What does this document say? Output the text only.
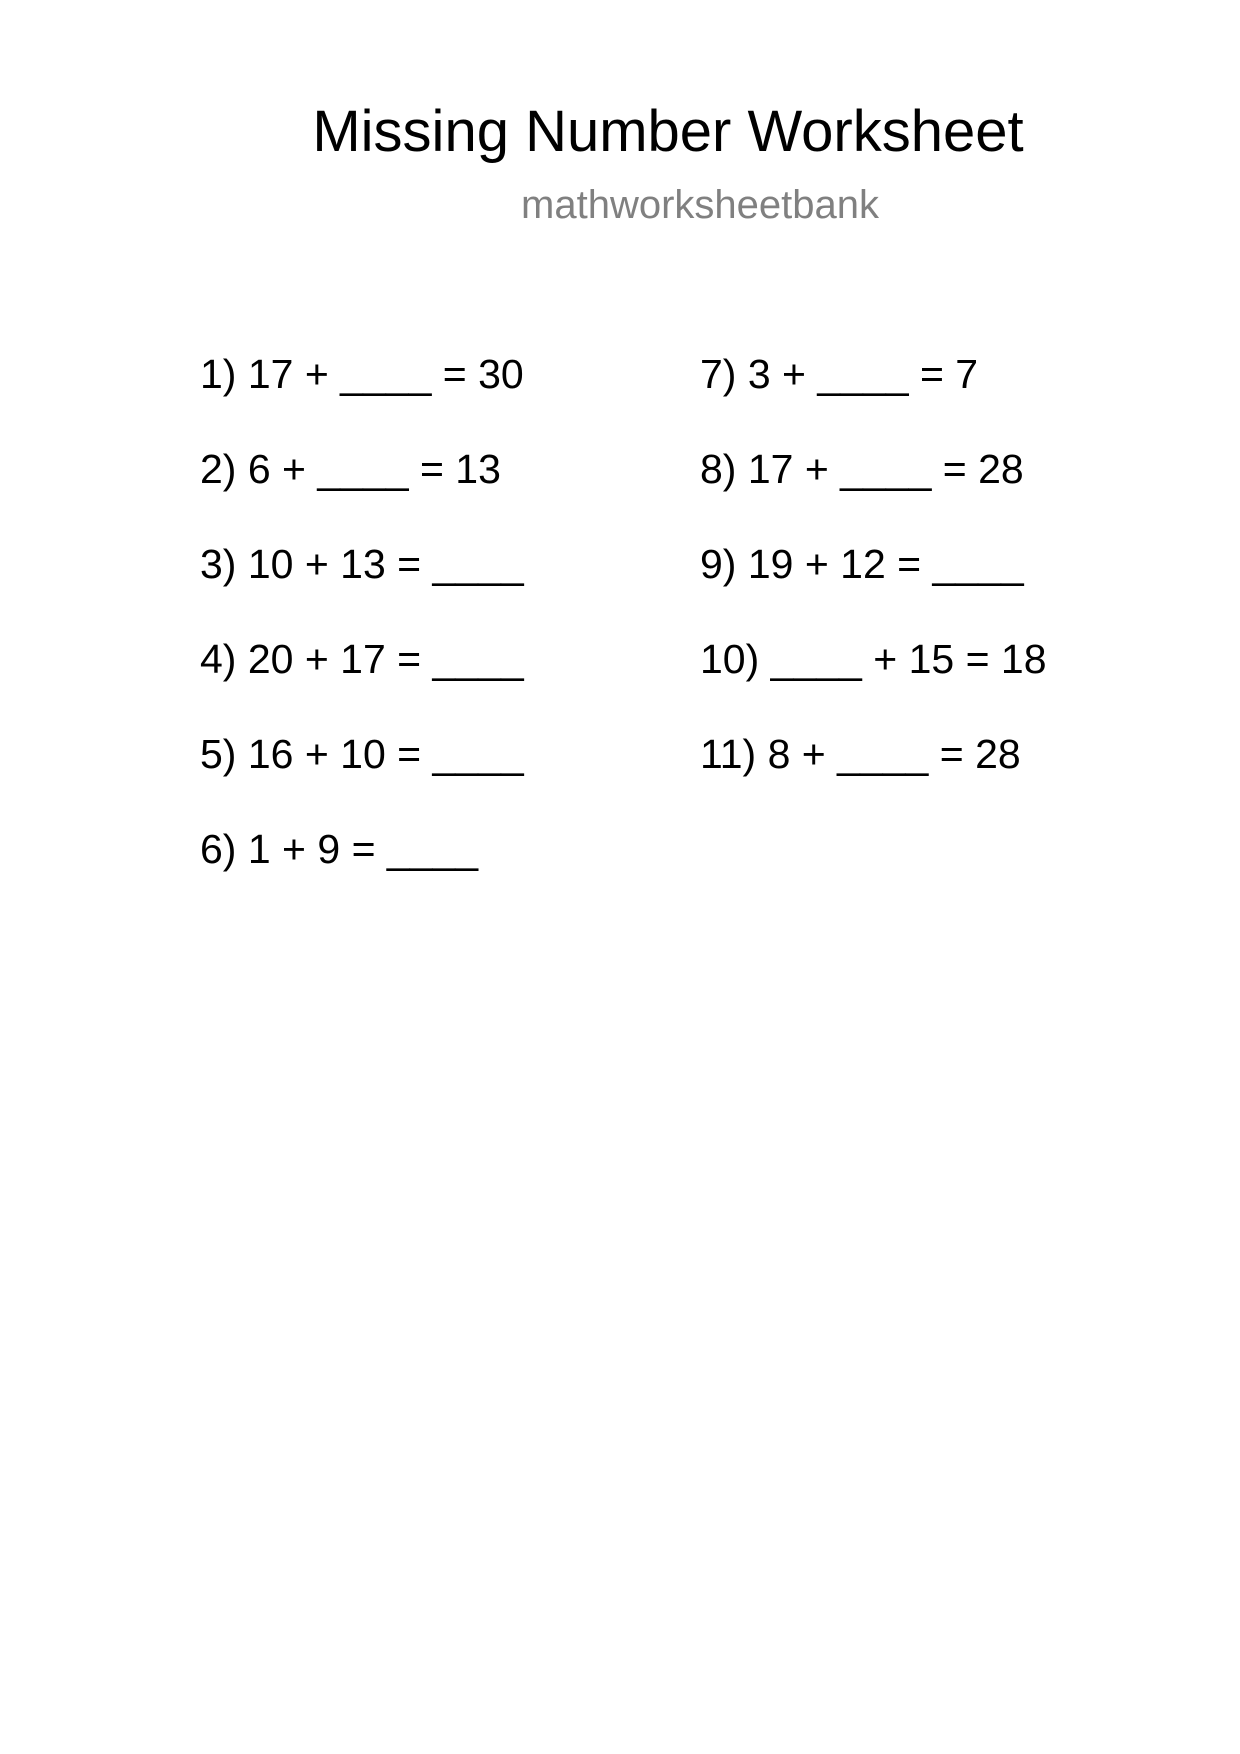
Missing Number Worksheet
mathworksheetbank
1) 17 + ____ = 30
2) 6 + ____ = 13
3) 10 + 13 = ____
4) 20 + 17 = ____
5) 16 + 10 = ____
6) 1 + 9 = ____
7) 3 + ____ = 7
8) 17 + ____ = 28
9) 19 + 12 = ____
10) ____ + 15 = 18
11) 8 + ____ = 28
